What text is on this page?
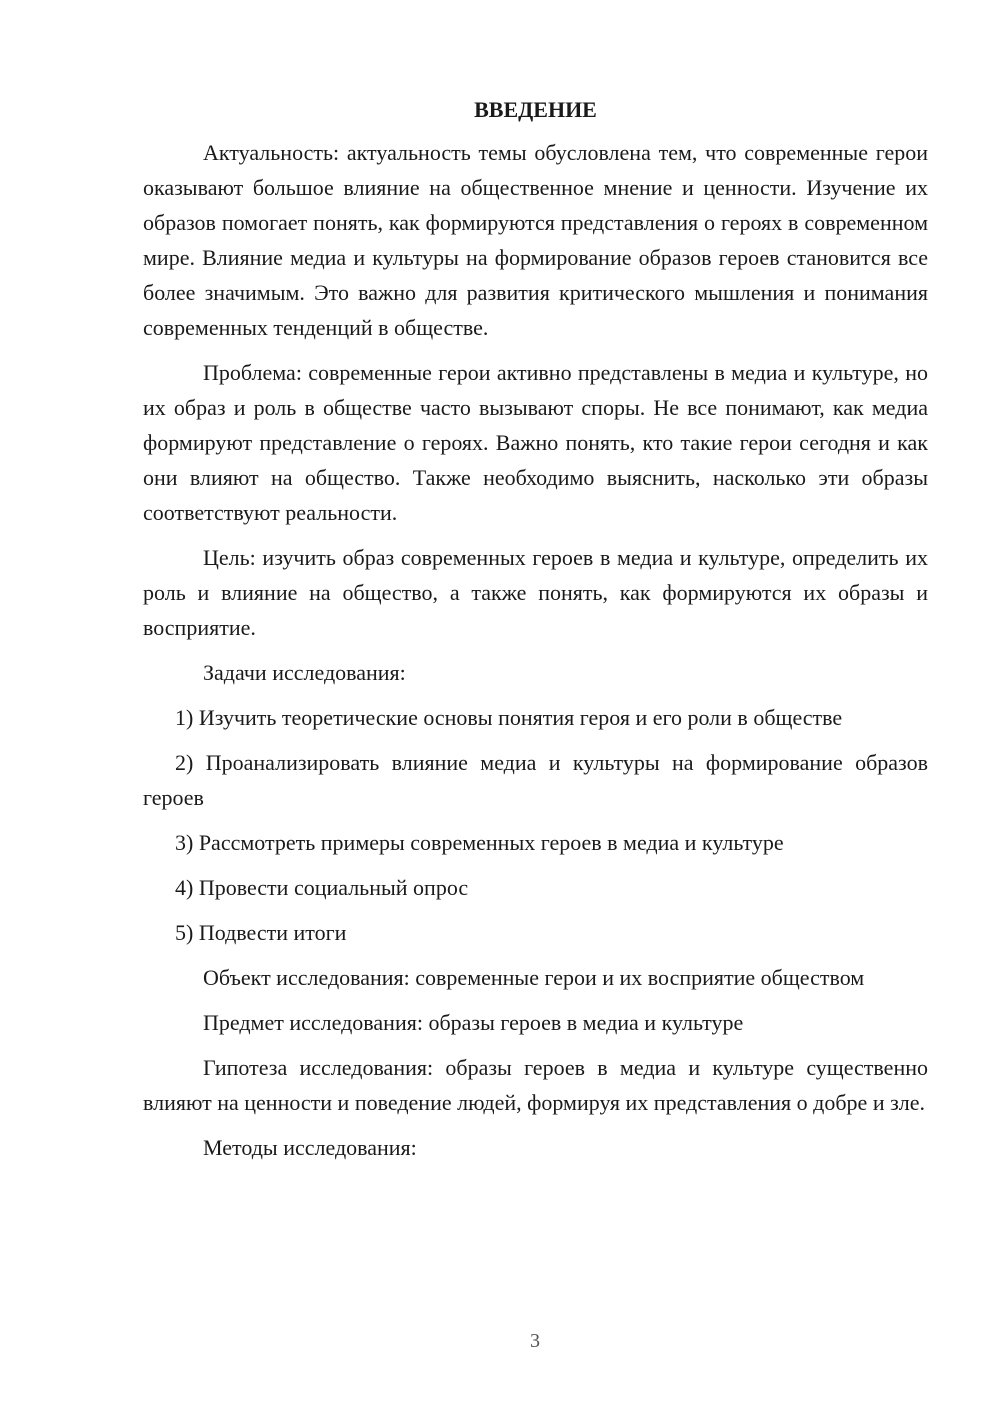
ВВЕДЕНИЕ

Актуальность: актуальность темы обусловлена тем, что современные герои оказывают большое влияние на общественное мнение и ценности. Изучение их образов помогает понять, как формируются представления о героях в современном мире. Влияние медиа и культуры на формирование образов героев становится все более значимым. Это важно для развития критического мышления и понимания современных тенденций в обществе.

Проблема: современные герои активно представлены в медиа и культуре, но их образ и роль в обществе часто вызывают споры. Не все понимают, как медиа формируют представление о героях. Важно понять, кто такие герои сегодня и как они влияют на общество. Также необходимо выяснить, насколько эти образы соответствуют реальности.

Цель: изучить образ современных героев в медиа и культуре, определить их роль и влияние на общество, а также понять, как формируются их образы и восприятие.

Задачи исследования:

1) Изучить теоретические основы понятия героя и его роли в обществе

2) Проанализировать влияние медиа и культуры на формирование образов героев

3) Рассмотреть примеры современных героев в медиа и культуре

4) Провести социальный опрос

5) Подвести итоги

Объект исследования: современные герои и их восприятие обществом

Предмет исследования: образы героев в медиа и культуре

Гипотеза исследования: образы героев в медиа и культуре существенно влияют на ценности и поведение людей, формируя их представления о добре и зле.

Методы исследования:

3
